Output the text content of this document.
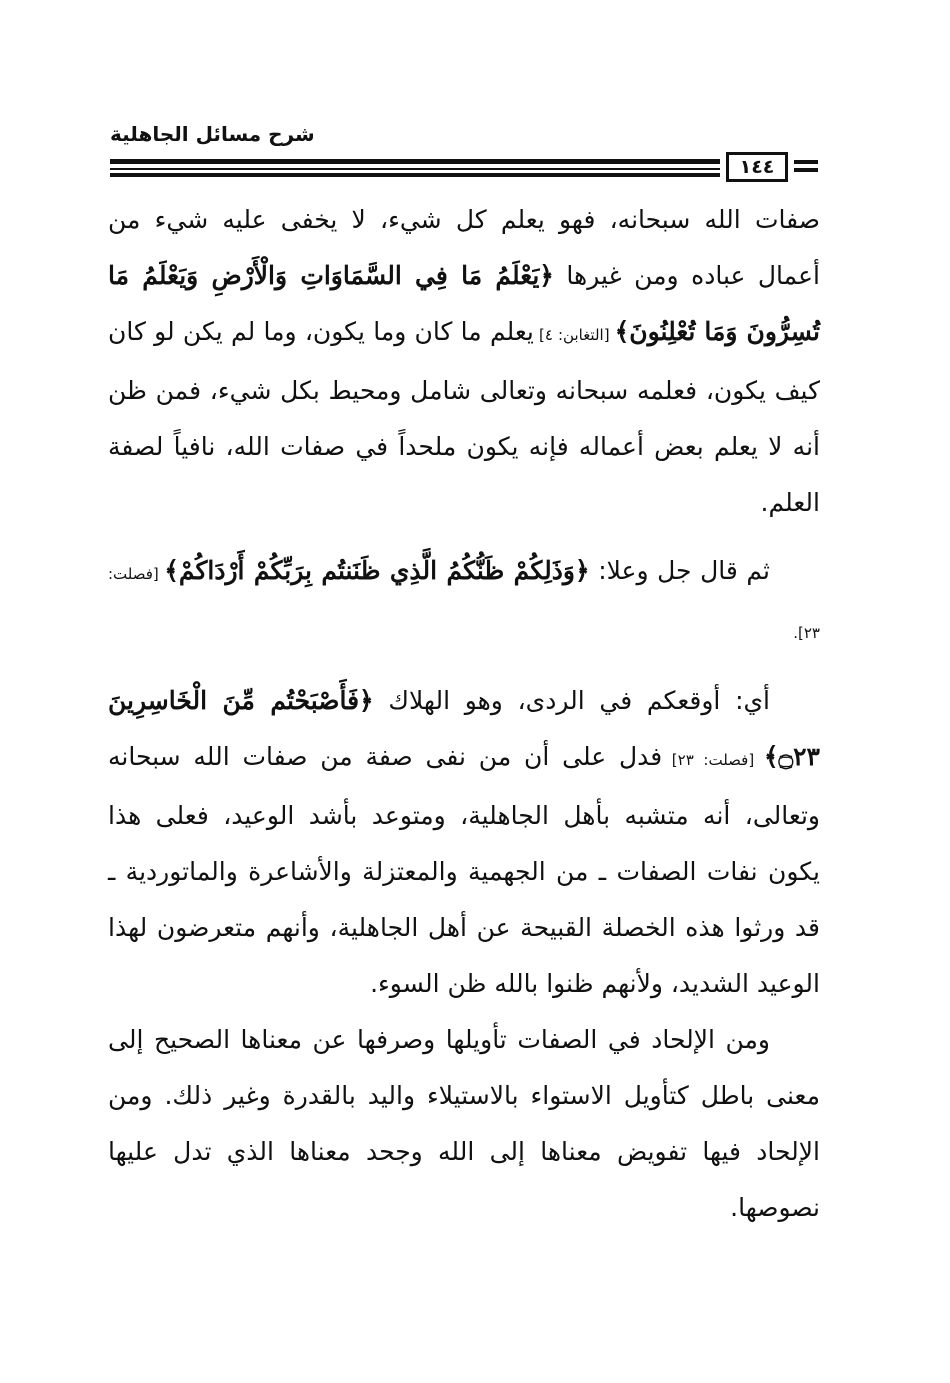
شرح مسائل الجاهلية
١٤٤

صفات الله سبحانه، فهو يعلم كل شيء، لا يخفى عليه شيء من أعمال عباده ومن غيرها ﴿يَعْلَمُ مَا فِي السَّمَاوَاتِ وَالْأَرْضِ وَيَعْلَمُ مَا تُسِرُّونَ وَمَا تُعْلِنُونَ﴾ [التغابن: ٤] يعلم ما كان وما يكون، وما لم يكن لو كان كيف يكون، فعلمه سبحانه وتعالى شامل ومحيط بكل شيء، فمن ظن أنه لا يعلم بعض أعماله فإنه يكون ملحداً في صفات الله، نافياً لصفة العلم.

ثم قال جل وعلا: ﴿وَذَلِكُمْ ظَنُّكُمُ الَّذِي ظَنَنتُم بِرَبِّكُمْ أَرْدَاكُمْ﴾ [فصلت: ٢٣].

أي: أوقعكم في الردى، وهو الهلاك ﴿فَأَصْبَحْتُم مِّنَ الْخَاسِرِينَ ۝٢٣﴾ [فصلت: ٢٣] فدل على أن من نفى صفة من صفات الله سبحانه وتعالى، أنه متشبه بأهل الجاهلية، ومتوعد بأشد الوعيد، فعلى هذا يكون نفات الصفات ـ من الجهمية والمعتزلة والأشاعرة والماتوردية ـ قد ورثوا هذه الخصلة القبيحة عن أهل الجاهلية، وأنهم متعرضون لهذا الوعيد الشديد، ولأنهم ظنوا بالله ظن السوء.

ومن الإلحاد في الصفات تأويلها وصرفها عن معناها الصحيح إلى معنى باطل كتأويل الاستواء بالاستيلاء واليد بالقدرة وغير ذلك. ومن الإلحاد فيها تفويض معناها إلى الله وجحد معناها الذي تدل عليها نصوصها.
